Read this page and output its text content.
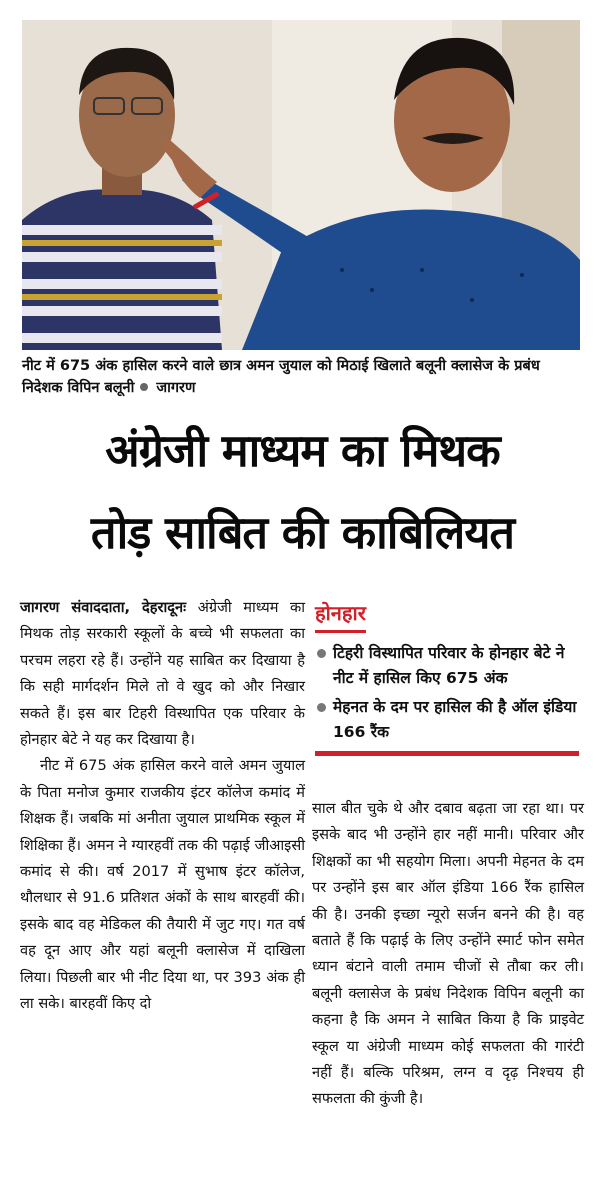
नीट में 675 अंक हासिल करने वाले छात्र अमन जुयाल को मिठाई खिलाते बलूनी क्लासेज के प्रबंध निदेशक विपिन बलूनी जागरण
अंग्रेजी माध्यम का मिथक
तोड़ साबित की काबिलियत

जागरण संवाददाता, देहरादूनः अंग्रेजी माध्यम का मिथक तोड़ सरकारी स्कूलों के बच्चे भी सफलता का परचम लहरा रहे हैं। उन्होंने यह साबित कर दिखाया है कि सही मार्गदर्शन मिले तो वे खुद को और निखार सकते हैं। इस बार टिहरी विस्थापित एक परिवार के होनहार बेटे ने यह कर दिखाया है।

नीट में 675 अंक हासिल करने वाले अमन जुयाल के पिता मनोज कुमार राजकीय इंटर कॉलेज कमांद में शिक्षक हैं। जबकि मां अनीता जुयाल प्राथमिक स्कूल में शिक्षिका हैं। अमन ने ग्यारहवीं तक की पढ़ाई जीआइसी कमांद से की। वर्ष 2017 में सुभाष इंटर कॉलेज, थौलधार से 91.6 प्रतिशत अंकों के साथ बारहवीं की। इसके बाद वह मेडिकल की तैयारी में जुट गए। गत वर्ष वह दून आए और यहां बलूनी क्लासेज में दाखिला लिया। पिछली बार भी नीट दिया था, पर 393 अंक ही ला सके। बारहवीं किए दो

होनहार
टिहरी विस्थापित परिवार के होनहार बेटे ने नीट में हासिल किए 675 अंक
मेहनत के दम पर हासिल की है ऑल इंडिया 166 रैंक

साल बीत चुके थे और दबाव बढ़ता जा रहा था। पर इसके बाद भी उन्होंने हार नहीं मानी। परिवार और शिक्षकों का भी सहयोग मिला। अपनी मेहनत के दम पर उन्होंने इस बार ऑल इंडिया 166 रैंक हासिल की है। उनकी इच्छा न्यूरो सर्जन बनने की है। वह बताते हैं कि पढ़ाई के लिए उन्होंने स्मार्ट फोन समेत ध्यान बंटाने वाली तमाम चीजों से तौबा कर ली। बलूनी क्लासेज के प्रबंध निदेशक विपिन बलूनी का कहना है कि अमन ने साबित किया है कि प्राइवेट स्कूल या अंग्रेजी माध्यम कोई सफलता की गारंटी नहीं हैं। बल्कि परिश्रम, लग्न व दृढ़ निश्चय ही सफलता की कुंजी है।
